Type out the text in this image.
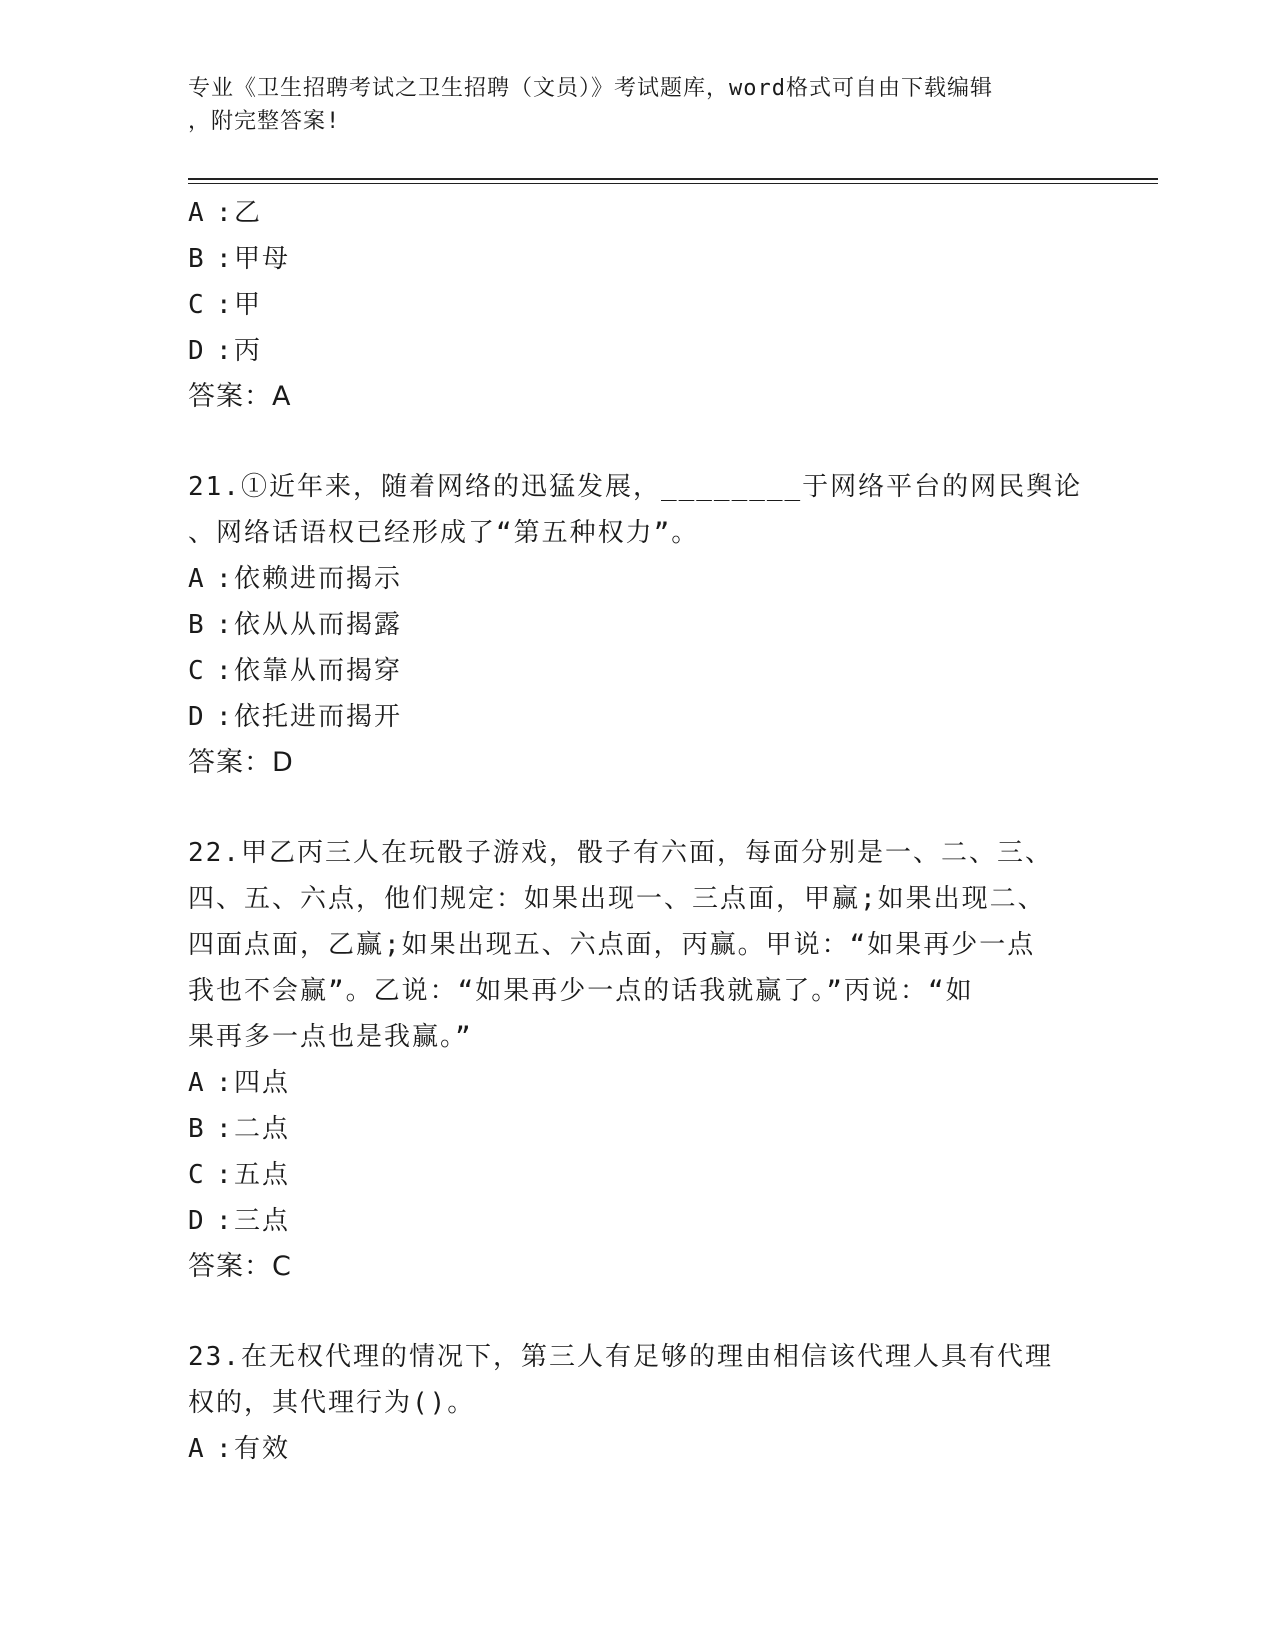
专业《卫生招聘考试之卫生招聘（文员）》考试题库，word格式可自由下载编辑
，附完整答案!
A :乙
B :甲母
C :甲
D :丙
答案：A
21.①近年来，随着网络的迅猛发展，________于网络平台的网民舆论
、网络话语权已经形成了“第五种权力”。
A :依赖进而揭示
B :依从从而揭露
C :依靠从而揭穿
D :依托进而揭开
答案：D
22.甲乙丙三人在玩骰子游戏，骰子有六面，每面分别是一、二、三、
四、五、六点，他们规定：如果出现一、三点面，甲赢;如果出现二、
四面点面，乙赢;如果出现五、六点面，丙赢。甲说：“如果再少一点
我也不会赢”。乙说：“如果再少一点的话我就赢了。”丙说：“如
果再多一点也是我赢。”
A :四点
B :二点
C :五点
D :三点
答案：C
23.在无权代理的情况下，第三人有足够的理由相信该代理人具有代理
权的，其代理行为()。
A :有效
